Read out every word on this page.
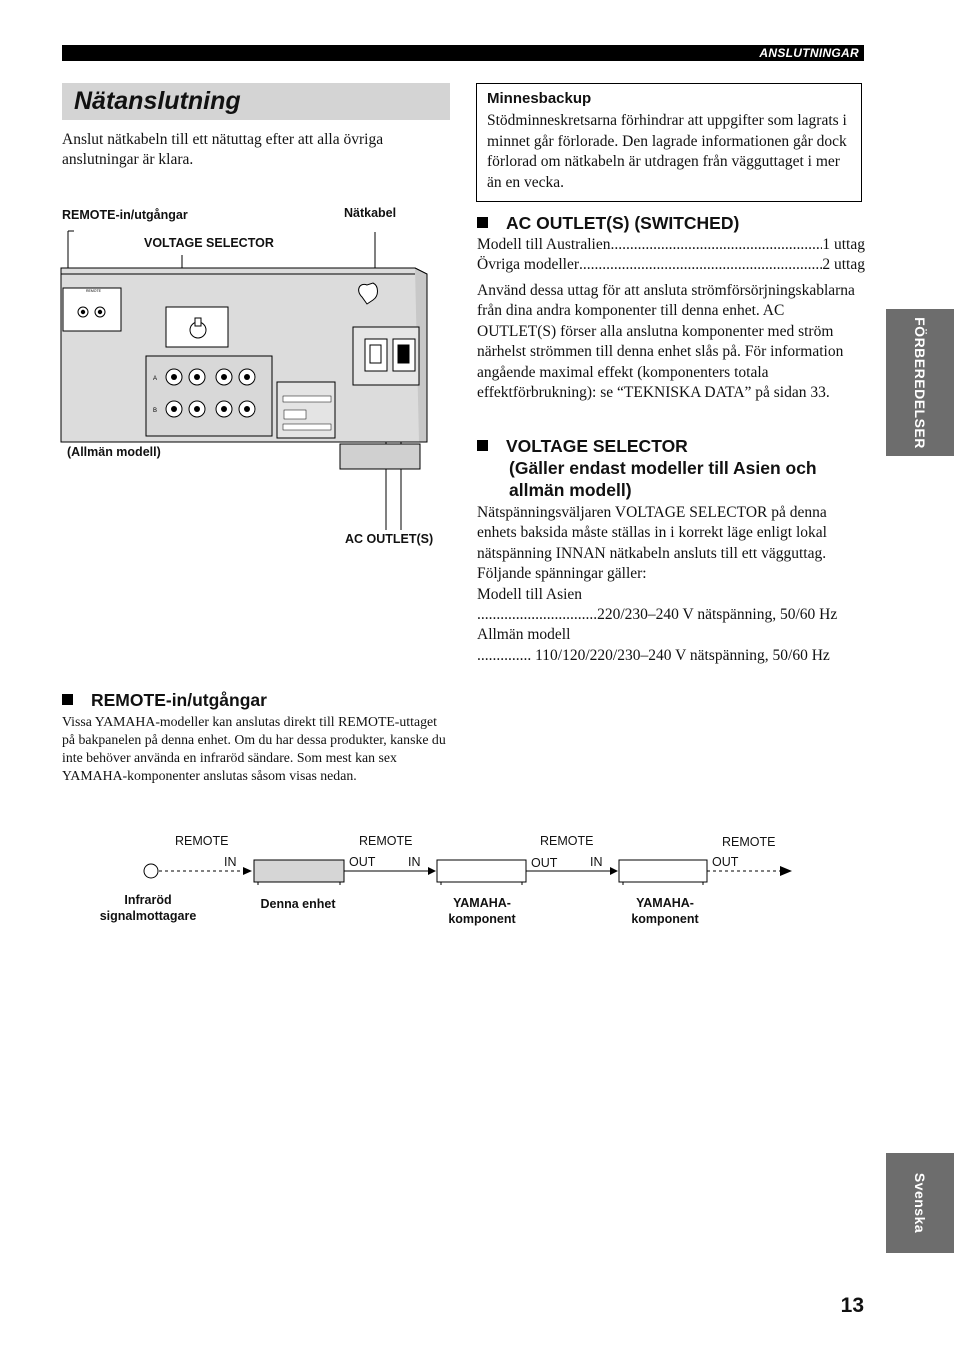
ANSLUTNINGAR
Nätanslutning
Anslut nätkabeln till ett nätuttag efter att alla övriga anslutningar är klara.
REMOTE
A
B
REMOTE-in/utgångar	Nätkabel
VOLTAGE SELECTOR
(Allmän modell)
AC OUTLET(S)
Minnesbackup
Stödminneskretsarna förhindrar att uppgifter som lagrats i minnet går förlorade. Den lagrade informationen går dock förlorad om nätkabeln är utdragen från vägguttaget i mer än en vecka.
AC OUTLET(S) (SWITCHED)
Modell till Australien .....	1 uttag
Övriga modeller .....	2 uttag
Använd dessa uttag för att ansluta strömförsörjningskablarna från dina andra komponenter till denna enhet. AC OUTLET(S) förser alla anslutna komponenter med ström närhelst strömmen till denna enhet slås på. För information angående maximal effekt (komponenters totala effektförbrukning): se “TEKNISKA DATA” på sidan 33.
VOLTAGE SELECTOR
(Gäller endast modeller till Asien och
allmän modell)
Nätspänningsväljaren VOLTAGE SELECTOR på denna enhets baksida måste ställas in i korrekt läge enligt lokal nätspänning INNAN nätkabeln ansluts till ett vägguttag. Följande spänningar gäller:
Modell till Asien
...............................220/230–240 V nätspänning, 50/60 Hz
Allmän modell
.............. 110/120/220/230–240 V nätspänning, 50/60 Hz
REMOTE-in/utgångar
Vissa YAMAHA-modeller kan anslutas direkt till REMOTE-uttaget på bakpanelen på denna enhet. Om du har dessa produkter, kanske du inte behöver använda en infraröd sändare. Som mest kan sex YAMAHA-komponenter anslutas såsom visas nedan.
REMOTE
IN
REMOTE
OUT	IN
REMOTE
OUT	IN
REMOTE
OUT
Infraröd
signalmottagare
Denna enhet	YAMAHA-
komponent
YAMAHA-
komponent
FÖRBEREDELSER
Svenska
13
